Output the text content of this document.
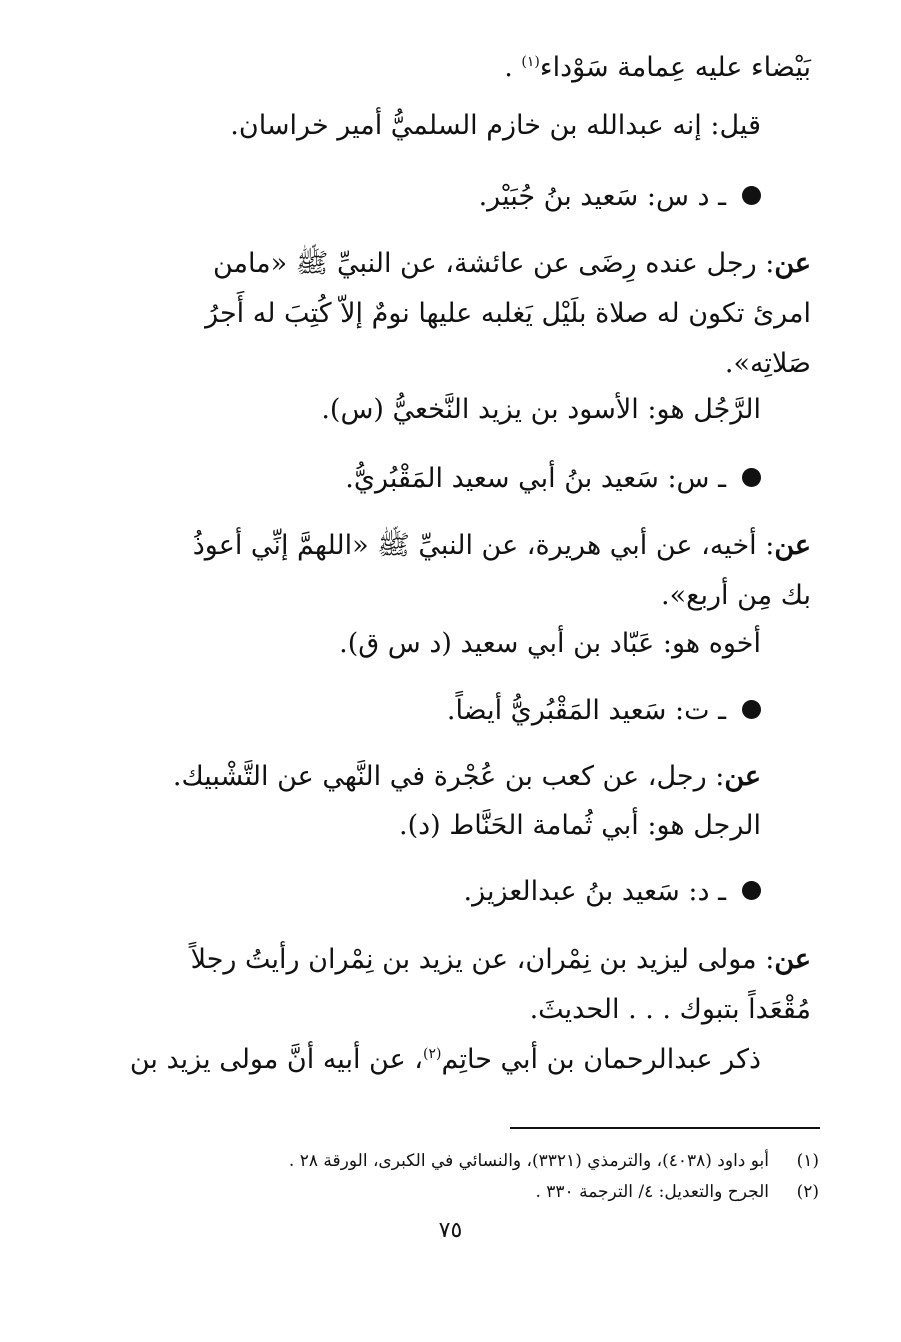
بَيْضاء عليه عِمامة سَوْداء$^{(١)}$ .
قيل: إنه عبدالله بن خازم السلميُّ أمير خراسان.
ـ د س: سَعيد بنُ جُبَيْر.
عن: رجل عنده رِضَى عن عائشة، عن النبيِّ ﷺ «مامن
امرئ تكون له صلاة بلَيْل يَغلبه عليها نومٌ إلاّ كُتِبَ له أَجرُ
صَلاتِه».
الرَّجُل هو: الأسود بن يزيد النَّخعيُّ (س).
ـ س: سَعيد بنُ أبي سعيد المَقْبُريُّ.
عن: أخيه، عن أبي هريرة، عن النبيِّ ﷺ «اللهمَّ إنِّي أعوذُ
بك مِن أربع».
أخوه هو: عَبّاد بن أبي سعيد (د س ق).
ـ ت: سَعيد المَقْبُريُّ أيضاً.
عن: رجل، عن كعب بن عُجْرة في النَّهي عن التَّشْبيك.
الرجل هو: أبي ثُمامة الحَنَّاط (د).
ـ د: سَعيد بنُ عبدالعزيز.
عن: مولى ليزيد بن نِمْران، عن يزيد بن نِمْران رأيتُ رجلاً
مُقْعَداً بتبوك . . . الحديثَ.
ذكر عبدالرحمان بن أبي حاتِم$^{(٢)}$، عن أبيه أنَّ مولى يزيد بن
(١)أبو داود (٤٠٣٨)، والترمذي (٣٣٢١)، والنسائي في الكبرى، الورقة ٢٨ .
(٢)الجرح والتعديل: ٤/ الترجمة ٣٣٠ .
٧٥
